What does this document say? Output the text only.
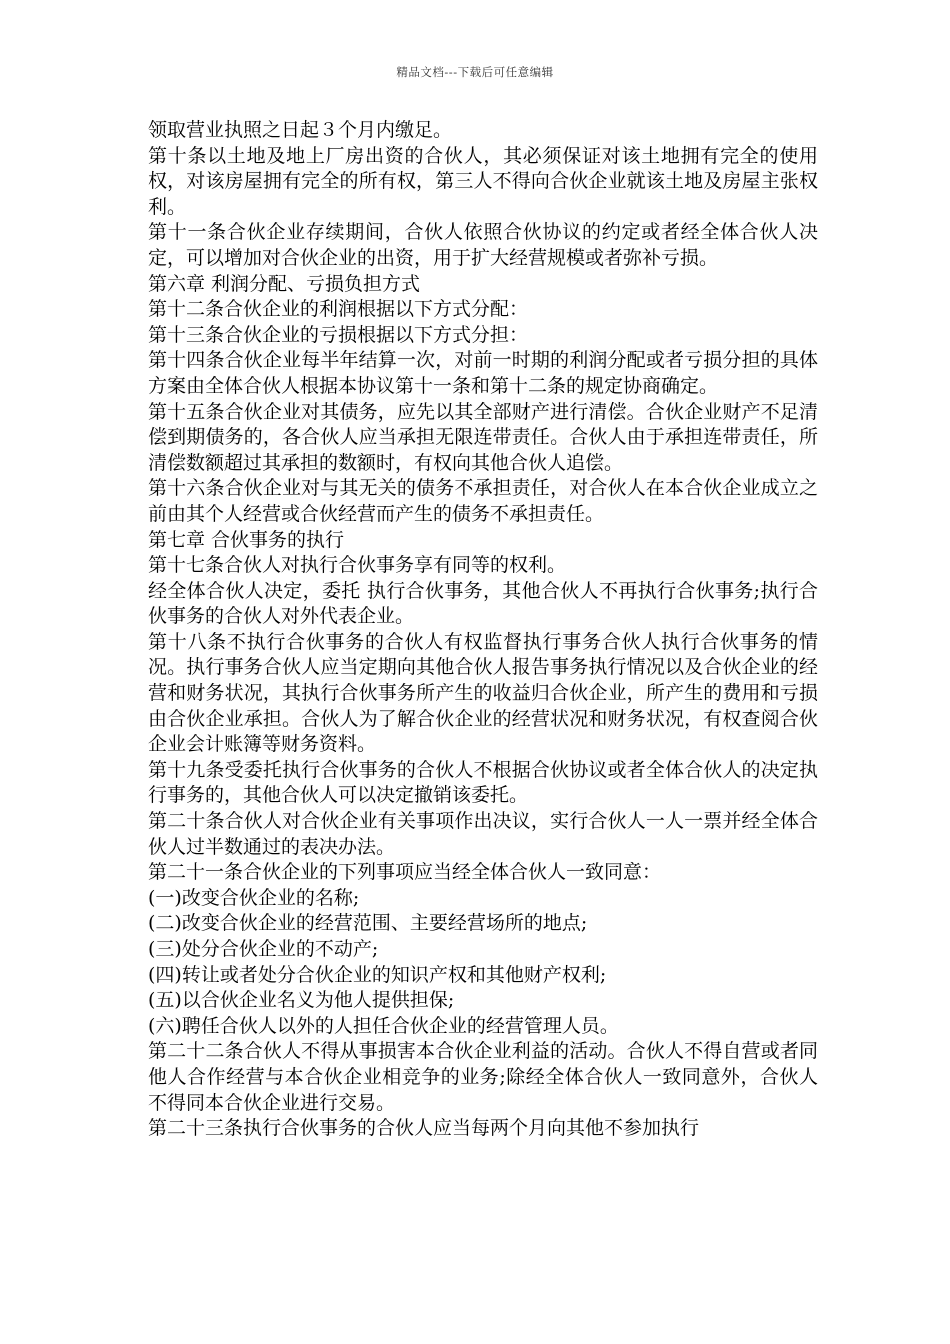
精品文档---下载后可任意编辑

领取营业执照之日起３个月内缴足。

第十条以土地及地上厂房出资的合伙人，其必须保证对该土地拥有完全的使用权，对该房屋拥有完全的所有权，第三人不得向合伙企业就该土地及房屋主张权利。

第十一条合伙企业存续期间，合伙人依照合伙协议的约定或者经全体合伙人决定，可以增加对合伙企业的出资，用于扩大经营规模或者弥补亏损。

第六章 利润分配、亏损负担方式

第十二条合伙企业的利润根据以下方式分配：

第十三条合伙企业的亏损根据以下方式分担：

第十四条合伙企业每半年结算一次，对前一时期的利润分配或者亏损分担的具体方案由全体合伙人根据本协议第十一条和第十二条的规定协商确定。

第十五条合伙企业对其债务，应先以其全部财产进行清偿。合伙企业财产不足清偿到期债务的，各合伙人应当承担无限连带责任。合伙人由于承担连带责任，所清偿数额超过其承担的数额时，有权向其他合伙人追偿。

第十六条合伙企业对与其无关的债务不承担责任，对合伙人在本合伙企业成立之前由其个人经营或合伙经营而产生的债务不承担责任。

第七章 合伙事务的执行

第十七条合伙人对执行合伙事务享有同等的权利。

经全体合伙人决定，委托 执行合伙事务，其他合伙人不再执行合伙事务;执行合伙事务的合伙人对外代表企业。

第十八条不执行合伙事务的合伙人有权监督执行事务合伙人执行合伙事务的情况。执行事务合伙人应当定期向其他合伙人报告事务执行情况以及合伙企业的经营和财务状况，其执行合伙事务所产生的收益归合伙企业，所产生的费用和亏损由合伙企业承担。合伙人为了解合伙企业的经营状况和财务状况，有权查阅合伙企业会计账簿等财务资料。

第十九条受委托执行合伙事务的合伙人不根据合伙协议或者全体合伙人的决定执行事务的，其他合伙人可以决定撤销该委托。

第二十条合伙人对合伙企业有关事项作出决议，实行合伙人一人一票并经全体合伙人过半数通过的表决办法。

第二十一条合伙企业的下列事项应当经全体合伙人一致同意：

(一)改变合伙企业的名称;

(二)改变合伙企业的经营范围、主要经营场所的地点;

(三)处分合伙企业的不动产;

(四)转让或者处分合伙企业的知识产权和其他财产权利;

(五)以合伙企业名义为他人提供担保;

(六)聘任合伙人以外的人担任合伙企业的经营管理人员。

第二十二条合伙人不得从事损害本合伙企业利益的活动。合伙人不得自营或者同他人合作经营与本合伙企业相竞争的业务;除经全体合伙人一致同意外，合伙人不得同本合伙企业进行交易。

第二十三条执行合伙事务的合伙人应当每两个月向其他不参加执行
